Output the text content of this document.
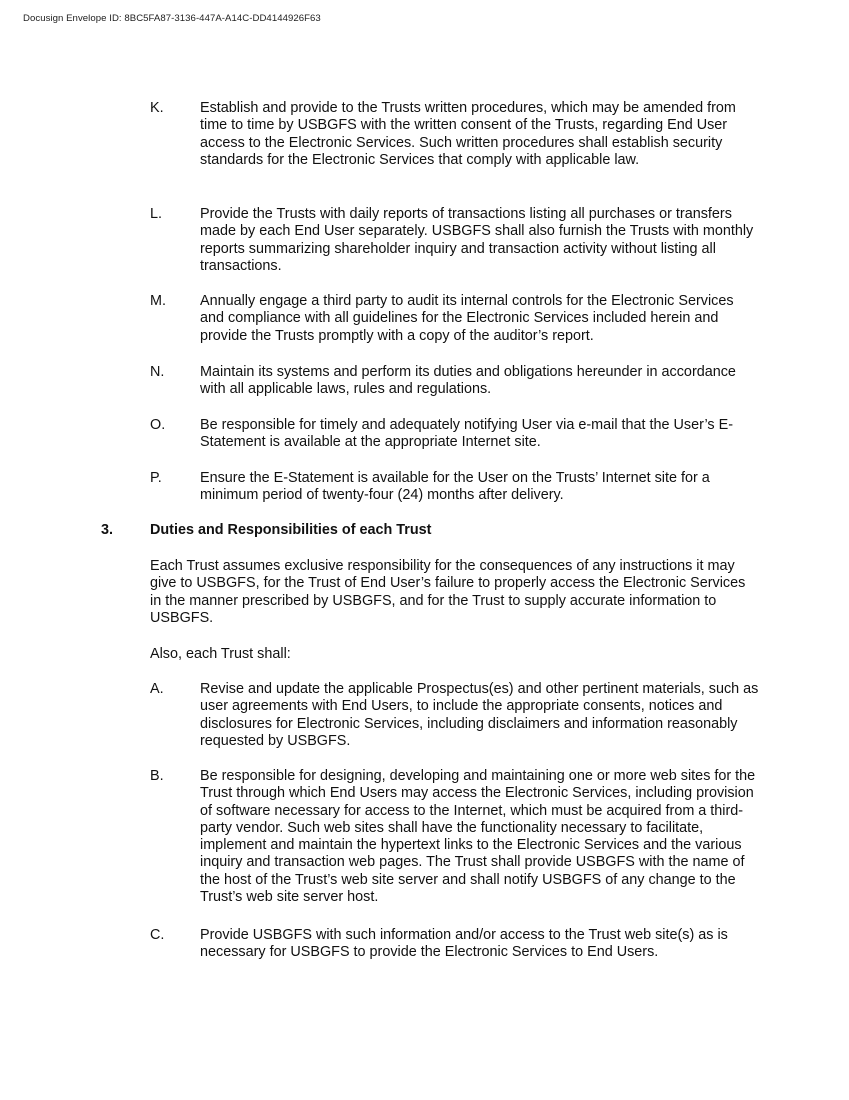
Docusign Envelope ID: 8BC5FA87-3136-447A-A14C-DD4144926F63
K.	Establish and provide to the Trusts written procedures, which may be amended from time to time by USBGFS with the written consent of the Trusts, regarding End User access to the Electronic Services. Such written procedures shall establish security standards for the Electronic Services that comply with applicable law.
L.	Provide the Trusts with daily reports of transactions listing all purchases or transfers made by each End User separately. USBGFS shall also furnish the Trusts with monthly reports summarizing shareholder inquiry and transaction activity without listing all transactions.
M. Annually engage a third party to audit its internal controls for the Electronic Services and compliance with all guidelines for the Electronic Services included herein and provide the Trusts promptly with a copy of the auditor’s report.
N. Maintain its systems and perform its duties and obligations hereunder in accordance with all applicable laws, rules and regulations.
O. Be responsible for timely and adequately notifying User via e-mail that the User’s E-Statement is available at the appropriate Internet site.
P.	Ensure the E-Statement is available for the User on the Trusts’ Internet site for a minimum period of twenty-four (24) months after delivery.
3.	Duties and Responsibilities of each Trust
Each Trust assumes exclusive responsibility for the consequences of any instructions it may give to USBGFS, for the Trust of End User’s failure to properly access the Electronic Services in the manner prescribed by USBGFS, and for the Trust to supply accurate information to USBGFS.
Also, each Trust shall:
A.	Revise and update the applicable Prospectus(es) and other pertinent materials, such as user agreements with End Users, to include the appropriate consents, notices and disclosures for Electronic Services, including disclaimers and information reasonably requested by USBGFS.
B.	Be responsible for designing, developing and maintaining one or more web sites for the Trust through which End Users may access the Electronic Services, including provision of software necessary for access to the Internet, which must be acquired from a third-party vendor. Such web sites shall have the functionality necessary to facilitate, implement and maintain the hypertext links to the Electronic Services and the various inquiry and transaction web pages. The Trust shall provide USBGFS with the name of the host of the Trust’s web site server and shall notify USBGFS of any change to the Trust’s web site server host.
C. Provide USBGFS with such information and/or access to the Trust web site(s) as is necessary for USBGFS to provide the Electronic Services to End Users.
